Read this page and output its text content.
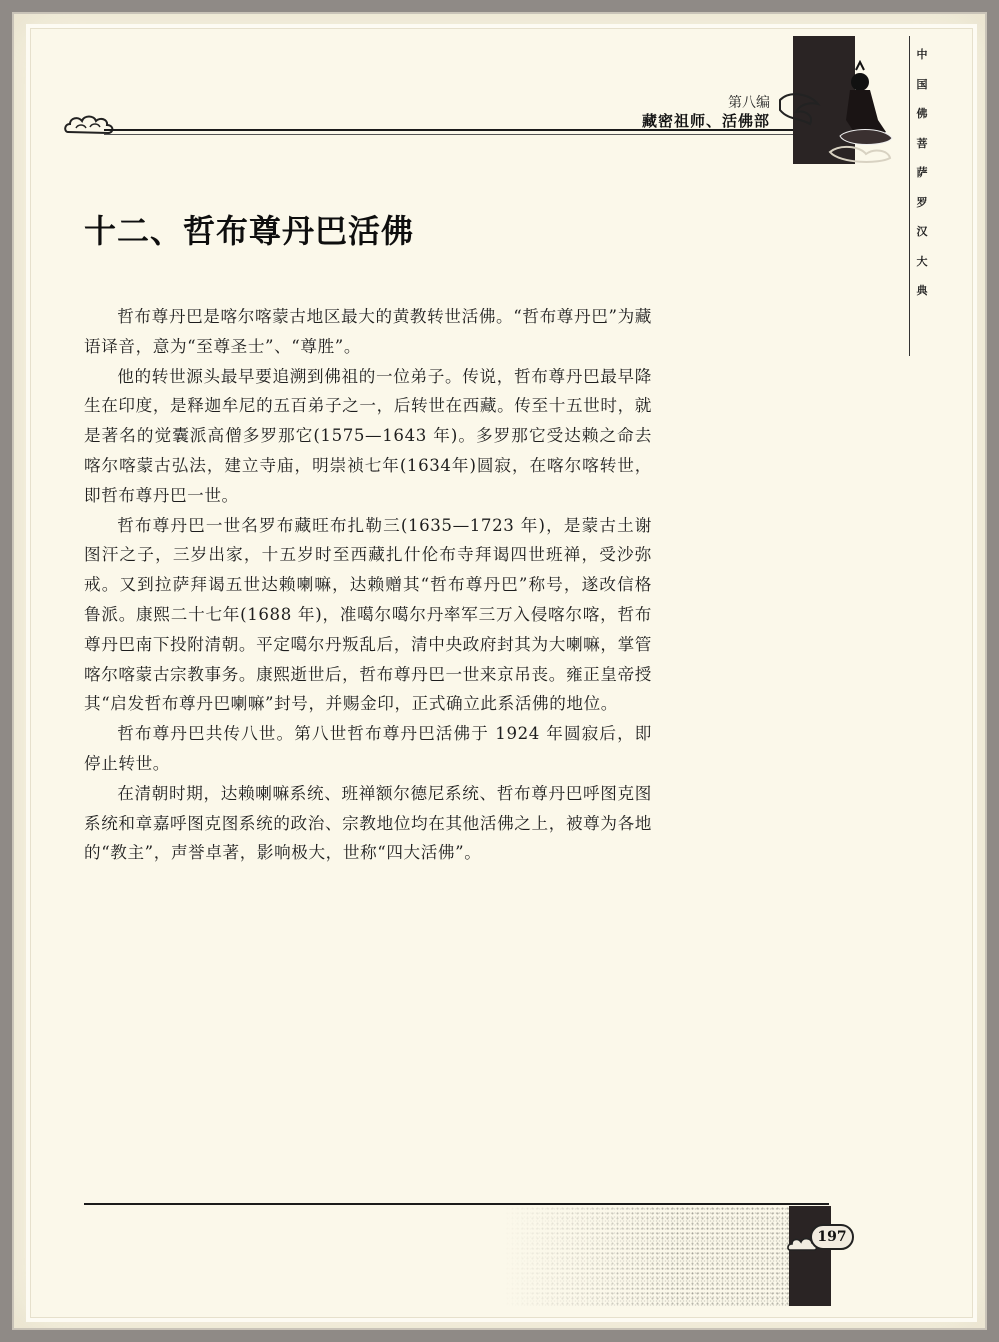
第八编
藏密祖师、活佛部
中国佛菩萨罗汉大典
十二、哲布尊丹巴活佛

哲布尊丹巴是喀尔喀蒙古地区最大的黄教转世活佛。“哲布尊丹巴”为藏语译音，意为“至尊圣士”、“尊胜”。

他的转世源头最早要追溯到佛祖的一位弟子。传说，哲布尊丹巴最早降生在印度，是释迦牟尼的五百弟子之一，后转世在西藏。传至十五世时，就是著名的觉囊派高僧多罗那它(1575—1643 年)。多罗那它受达赖之命去喀尔喀蒙古弘法，建立寺庙，明崇祯七年(1634年)圆寂，在喀尔喀转世，即哲布尊丹巴一世。

哲布尊丹巴一世名罗布藏旺布扎勒三(1635—1723 年)，是蒙古土谢图汗之子，三岁出家，十五岁时至西藏扎什伦布寺拜谒四世班禅，受沙弥戒。又到拉萨拜谒五世达赖喇嘛，达赖赠其“哲布尊丹巴”称号，遂改信格鲁派。康熙二十七年(1688 年)，准噶尔噶尔丹率军三万入侵喀尔喀，哲布尊丹巴南下投附清朝。平定噶尔丹叛乱后，清中央政府封其为大喇嘛，掌管喀尔喀蒙古宗教事务。康熙逝世后，哲布尊丹巴一世来京吊丧。雍正皇帝授其“启发哲布尊丹巴喇嘛”封号，并赐金印，正式确立此系活佛的地位。

哲布尊丹巴共传八世。第八世哲布尊丹巴活佛于 1924 年圆寂后，即停止转世。

在清朝时期，达赖喇嘛系统、班禅额尔德尼系统、哲布尊丹巴呼图克图系统和章嘉呼图克图系统的政治、宗教地位均在其他活佛之上，被尊为各地的“教主”，声誉卓著，影响极大，世称“四大活佛”。

197
